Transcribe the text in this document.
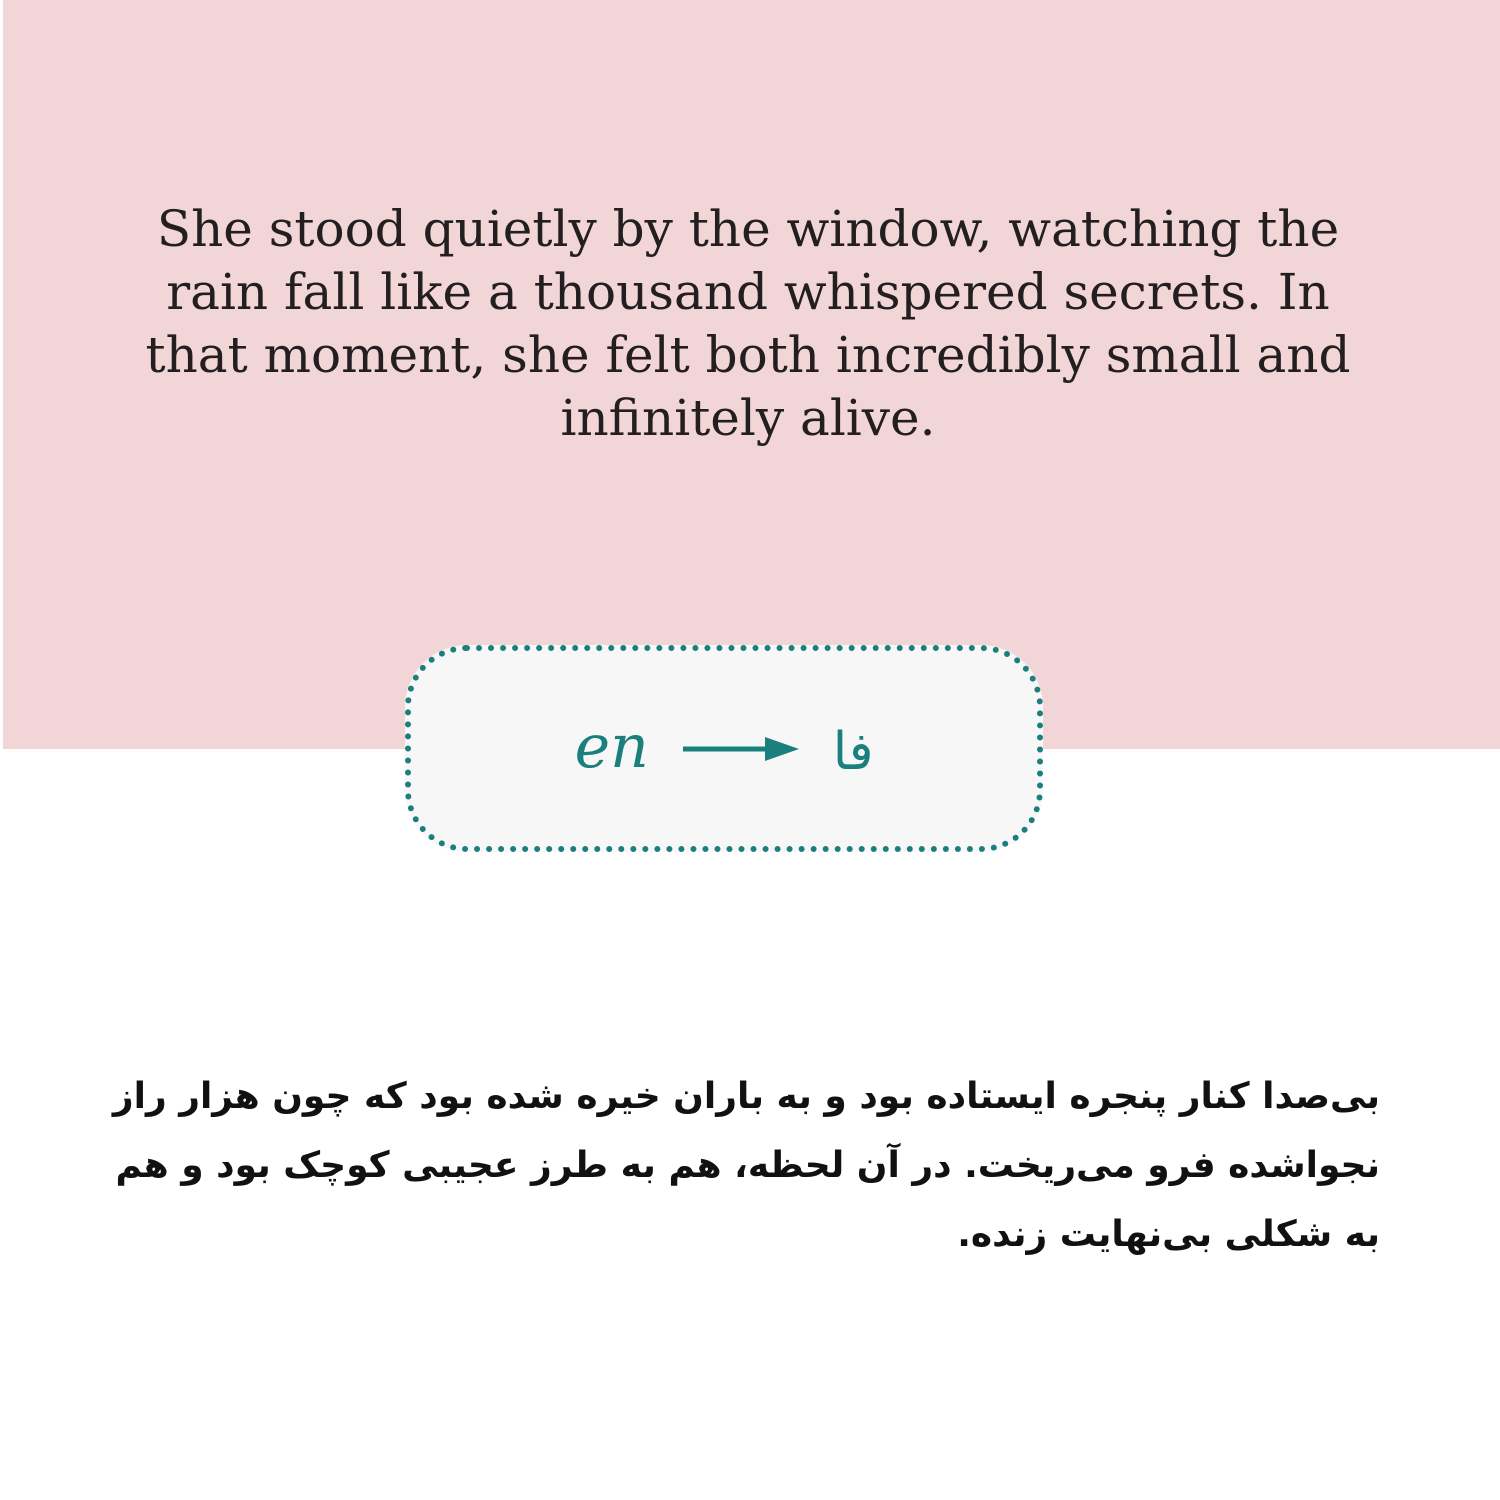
She stood quietly by the window, watching the rain fall like a thousand whispered secrets. In that moment, she felt both incredibly small and infinitely alive.

en	فا

بی‌صدا کنار پنجره ایستاده بود و به باران خیره شده بود که چون هزار راز نجواشده فرو می‌ریخت. در آن لحظه، هم به طرز عجیبی کوچک بود و هم به شکلی بی‌نهایت زنده.
